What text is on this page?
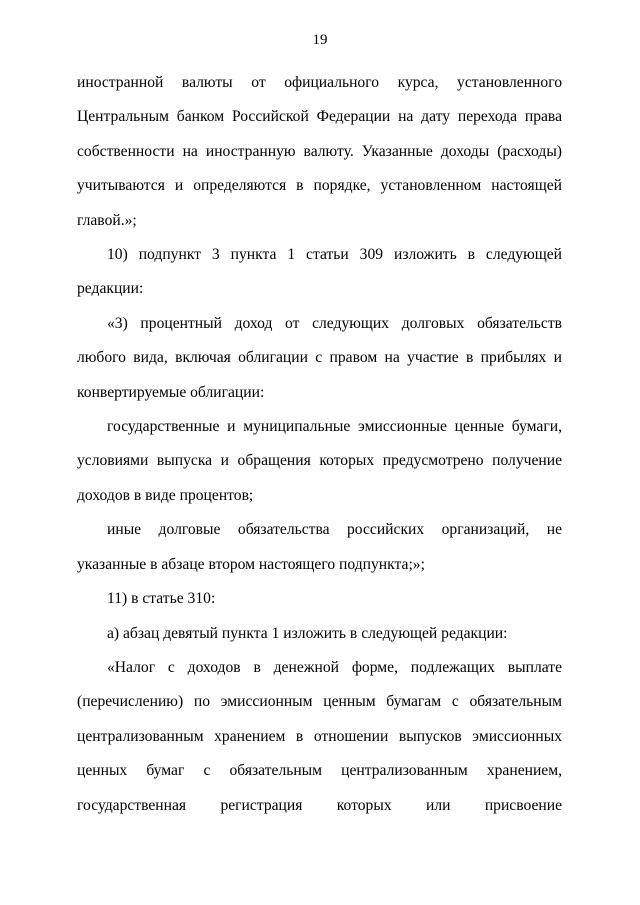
19

иностранной валюты от официального курса, установленного Центральным банком Российской Федерации на дату перехода права собственности на иностранную валюту. Указанные доходы (расходы) учитываются и определяются в порядке, установленном настоящей главой.»;

10) подпункт 3 пункта 1 статьи 309 изложить в следующей редакции:

«3) процентный доход от следующих долговых обязательств любого вида, включая облигации с правом на участие в прибылях и конвертируемые облигации:

государственные и муниципальные эмиссионные ценные бумаги, условиями выпуска и обращения которых предусмотрено получение доходов в виде процентов;

иные долговые обязательства российских организаций, не указанные в абзаце втором настоящего подпункта;»;

11) в статье 310:

а) абзац девятый пункта 1 изложить в следующей редакции:

«Налог с доходов в денежной форме, подлежащих выплате (перечислению) по эмиссионным ценным бумагам с обязательным централизованным хранением в отношении выпусков эмиссионных ценных бумаг с обязательным централизованным хранением, государственная регистрация которых или присвоение
